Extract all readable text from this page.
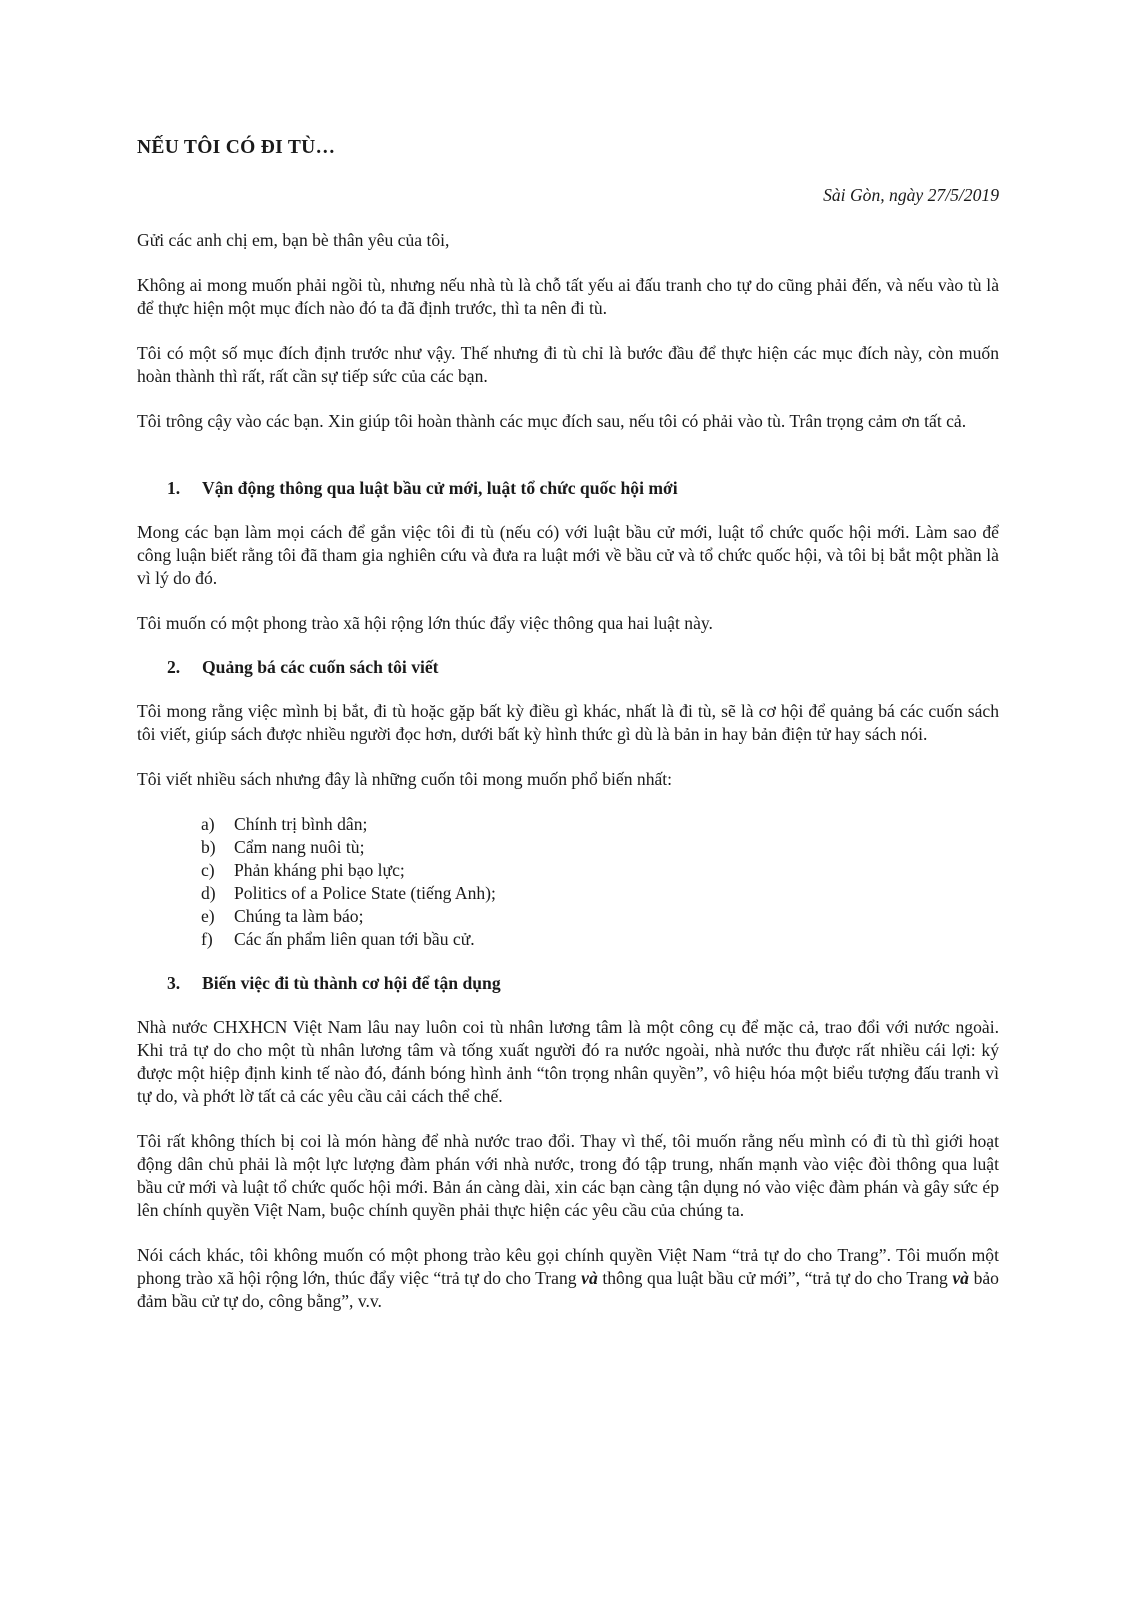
NẾU TÔI CÓ ĐI TÙ…
Sài Gòn, ngày 27/5/2019

Gửi các anh chị em, bạn bè thân yêu của tôi,

Không ai mong muốn phải ngồi tù, nhưng nếu nhà tù là chỗ tất yếu ai đấu tranh cho tự do cũng phải đến, và nếu vào tù là để thực hiện một mục đích nào đó ta đã định trước, thì ta nên đi tù.

Tôi có một số mục đích định trước như vậy. Thế nhưng đi tù chỉ là bước đầu để thực hiện các mục đích này, còn muốn hoàn thành thì rất, rất cần sự tiếp sức của các bạn.

Tôi trông cậy vào các bạn. Xin giúp tôi hoàn thành các mục đích sau, nếu tôi có phải vào tù. Trân trọng cảm ơn tất cả.

1.	Vận động thông qua luật bầu cử mới, luật tổ chức quốc hội mới

Mong các bạn làm mọi cách để gắn việc tôi đi tù (nếu có) với luật bầu cử mới, luật tổ chức quốc hội mới. Làm sao để công luận biết rằng tôi đã tham gia nghiên cứu và đưa ra luật mới về bầu cử và tổ chức quốc hội, và tôi bị bắt một phần là vì lý do đó.

Tôi muốn có một phong trào xã hội rộng lớn thúc đẩy việc thông qua hai luật này.

2.	Quảng bá các cuốn sách tôi viết

Tôi mong rằng việc mình bị bắt, đi tù hoặc gặp bất kỳ điều gì khác, nhất là đi tù, sẽ là cơ hội để quảng bá các cuốn sách tôi viết, giúp sách được nhiều người đọc hơn, dưới bất kỳ hình thức gì dù là bản in hay bản điện tử hay sách nói.

Tôi viết nhiều sách nhưng đây là những cuốn tôi mong muốn phổ biến nhất:

a)	Chính trị bình dân;
b)	Cẩm nang nuôi tù;
c)	Phản kháng phi bạo lực;
d)	Politics of a Police State (tiếng Anh);
e)	Chúng ta làm báo;
f)	Các ấn phẩm liên quan tới bầu cử.
3.	Biến việc đi tù thành cơ hội để tận dụng

Nhà nước CHXHCN Việt Nam lâu nay luôn coi tù nhân lương tâm là một công cụ để mặc cả, trao đổi với nước ngoài. Khi trả tự do cho một tù nhân lương tâm và tống xuất người đó ra nước ngoài, nhà nước thu được rất nhiều cái lợi: ký được một hiệp định kinh tế nào đó, đánh bóng hình ảnh “tôn trọng nhân quyền”, vô hiệu hóa một biểu tượng đấu tranh vì tự do, và phớt lờ tất cả các yêu cầu cải cách thể chế.

Tôi rất không thích bị coi là món hàng để nhà nước trao đổi. Thay vì thế, tôi muốn rằng nếu mình có đi tù thì giới hoạt động dân chủ phải là một lực lượng đàm phán với nhà nước, trong đó tập trung, nhấn mạnh vào việc đòi thông qua luật bầu cử mới và luật tổ chức quốc hội mới. Bản án càng dài, xin các bạn càng tận dụng nó vào việc đàm phán và gây sức ép lên chính quyền Việt Nam, buộc chính quyền phải thực hiện các yêu cầu của chúng ta.

Nói cách khác, tôi không muốn có một phong trào kêu gọi chính quyền Việt Nam “trả tự do cho Trang”. Tôi muốn một phong trào xã hội rộng lớn, thúc đẩy việc “trả tự do cho Trang và thông qua luật bầu cử mới”, “trả tự do cho Trang và bảo đảm bầu cử tự do, công bằng”, v.v.
